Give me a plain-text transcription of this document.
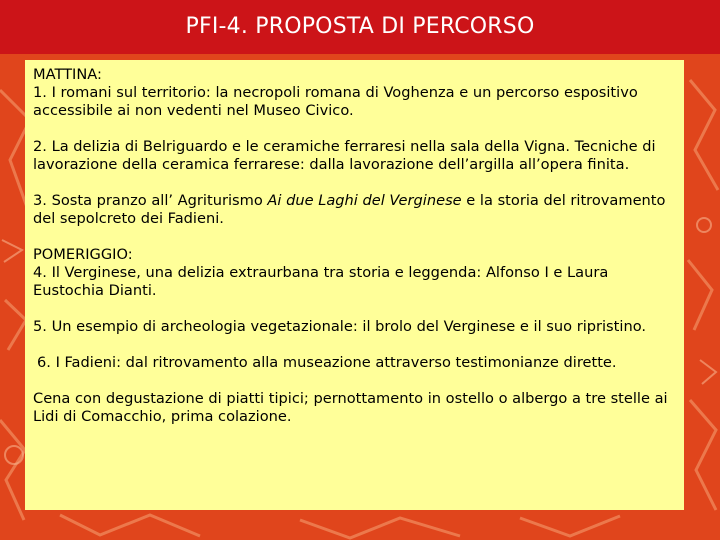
PFI-4. PROPOSTA DI PERCORSO

MATTINA:

1. I romani sul territorio: la necropoli romana di Voghenza e un percorso espositivo accessibile ai non vedenti nel Museo Civico.

2. La delizia di Belriguardo e le ceramiche ferraresi nella sala della Vigna. Tecniche di lavorazione della ceramica ferrarese: dalla lavorazione dell’argilla all’opera finita.

3. Sosta pranzo all’ Agriturismo Ai due Laghi del Verginese e la storia del ritrovamento del sepolcreto dei Fadieni.

POMERIGGIO:

4. Il Verginese, una delizia extraurbana tra storia e leggenda: Alfonso I e Laura Eustochia Dianti.

5. Un esempio di archeologia vegetazionale: il brolo del Verginese e il suo ripristino.

6. I Fadieni: dal ritrovamento alla museazione attraverso testimonianze dirette.

Cena con degustazione di piatti tipici; pernottamento in ostello o albergo a tre stelle ai Lidi di Comacchio, prima colazione.
